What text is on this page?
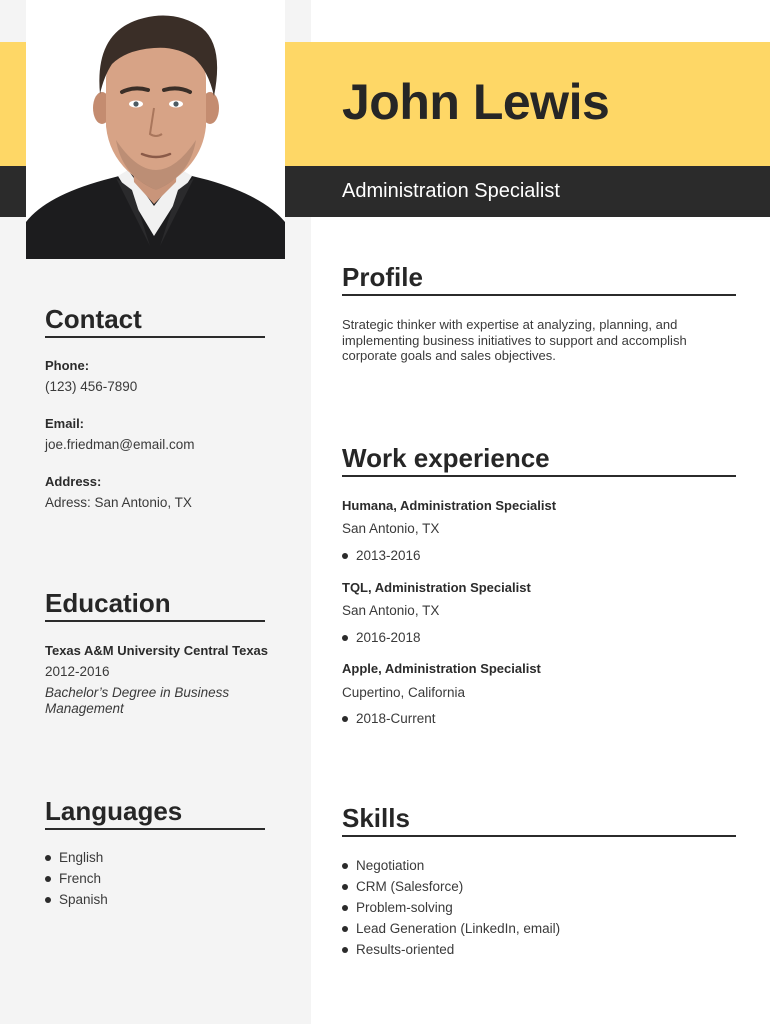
John Lewis
Administration Specialist
Contact
Phone:
(123) 456-7890
Email:
joe.friedman@email.com
Address:
Adress: San Antonio, TX
Education
Texas A&M University Central Texas
2012-2016
Bachelor’s Degree in Business Management
Languages
English
French
Spanish
Profile
Strategic thinker with expertise at analyzing, planning, and implementing business initiatives to support and accomplish corporate goals and sales objectives.
Work experience
Humana, Administration Specialist
San Antonio, TX
2013-2016
TQL, Administration Specialist
San Antonio, TX
2016-2018
Apple, Administration Specialist
Cupertino, California
2018-Current
Skills
Negotiation
CRM (Salesforce)
Problem-solving
Lead Generation (LinkedIn, email)
Results-oriented
